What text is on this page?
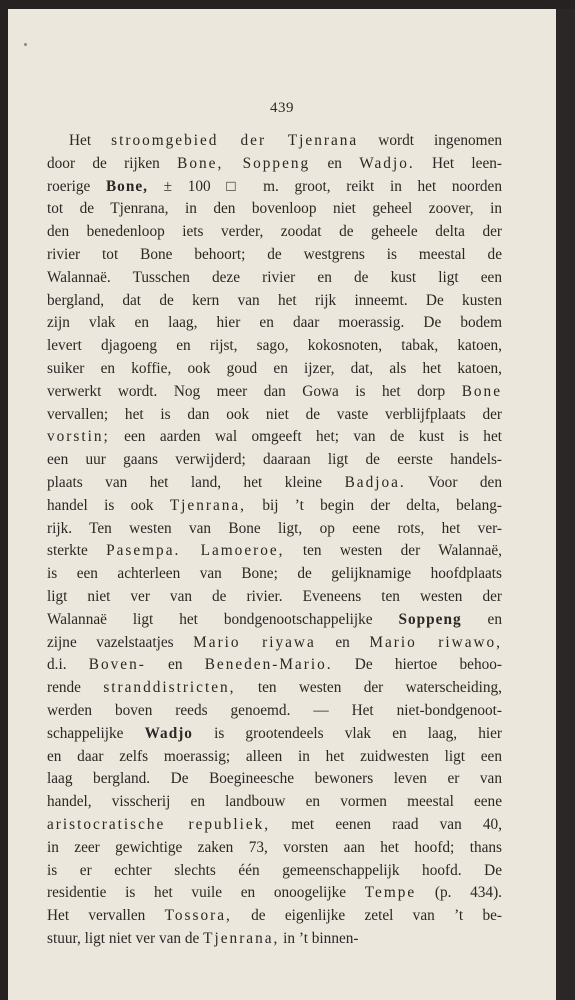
439
Het stroomgebied der Tjenrana wordt ingenomen
door de rijken Bone, Soppeng en Wadjo. Het leen-
roerige Bone, ± 100 □ m. groot, reikt in het noorden
tot de Tjenrana, in den bovenloop niet geheel zoover, in
den benedenloop iets verder, zoodat de geheele delta der
rivier tot Bone behoort; de westgrens is meestal de
Walannaë. Tusschen deze rivier en de kust ligt een
bergland, dat de kern van het rijk inneemt. De kusten
zijn vlak en laag, hier en daar moerassig. De bodem
levert djagoeng en rijst, sago, kokosnoten, tabak, katoen,
suiker en koffie, ook goud en ijzer, dat, als het katoen,
verwerkt wordt. Nog meer dan Gowa is het dorp Bone
vervallen; het is dan ook niet de vaste verblijfplaats der
vorstin; een aarden wal omgeeft het; van de kust is het
een uur gaans verwijderd; daaraan ligt de eerste handels-
plaats van het land, het kleine Badjoa. Voor den
handel is ook Tjenrana, bij ’t begin der delta, belang-
rijk. Ten westen van Bone ligt, op eene rots, het ver-
sterkte Pasempa. Lamoeroe, ten westen der Walannaë,
is een achterleen van Bone; de gelijknamige hoofdplaats
ligt niet ver van de rivier. Eveneens ten westen der
Walannaë ligt het bondgenootschappelijke Soppeng en
zijne vazelstaatjes Mario riyawa en Mario riwawo,
d.i. Boven- en Beneden-Mario. De hiertoe behoo-
rende stranddistricten, ten westen der waterscheiding,
werden boven reeds genoemd. — Het niet-bondgenoot-
schappelijke Wadjo is grootendeels vlak en laag, hier
en daar zelfs moerassig; alleen in het zuidwesten ligt een
laag bergland. De Boegineesche bewoners leven er van
handel, visscherij en landbouw en vormen meestal eene
aristocratische republiek, met eenen raad van 40,
in zeer gewichtige zaken 73, vorsten aan het hoofd; thans
is er echter slechts één gemeenschappelijk hoofd. De
residentie is het vuile en onoogelijke Tempe (p. 434).
Het vervallen Tossora, de eigenlijke zetel van ’t be-
stuur, ligt niet ver van de Tjenrana, in ’t binnen-
